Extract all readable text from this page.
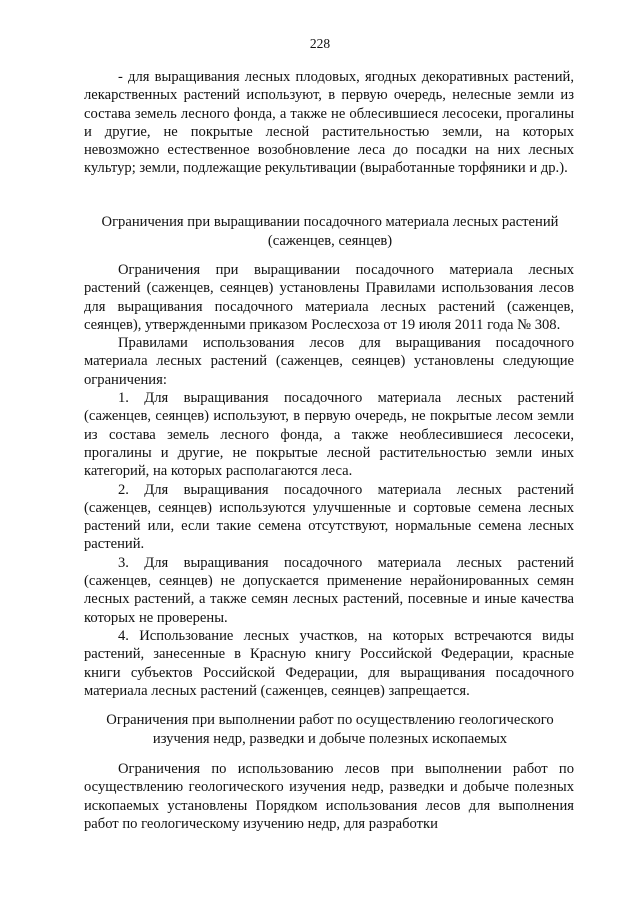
228

- для выращивания лесных плодовых, ягодных декоративных растений, лекарственных растений используют, в первую очередь, нелесные земли из состава земель лесного фонда, а также не облесившиеся лесосеки, прогалины и другие, не покрытые лесной растительностью земли, на которых невозможно естественное возобновление леса до посадки на них лесных культур; земли, подлежащие рекультивации (выработанные торфяники и др.).

Ограничения при выращивании посадочного материала лесных растений
(саженцев, сеянцев)

Ограничения при выращивании посадочного материала лесных растений (саженцев, сеянцев) установлены Правилами использования лесов для выращивания посадочного материала лесных растений (саженцев, сеянцев), утвержденными приказом Рослесхоза от 19 июля 2011 года № 308.

Правилами использования лесов для выращивания посадочного материала лесных растений (саженцев, сеянцев) установлены следующие ограничения:

1. Для выращивания посадочного материала лесных растений (саженцев, сеянцев) используют, в первую очередь, не покрытые лесом земли из состава земель лесного фонда, а также необлесившиеся лесосеки, прогалины и другие, не покрытые лесной растительностью земли иных категорий, на которых располагаются леса.

2. Для выращивания посадочного материала лесных растений (саженцев, сеянцев) используются улучшенные и сортовые семена лесных растений или, если такие семена отсутствуют, нормальные семена лесных растений.

3. Для выращивания посадочного материала лесных растений (саженцев, сеянцев) не допускается применение нерайонированных семян лесных растений, а также семян лесных растений, посевные и иные качества которых не проверены.

4. Использование лесных участков, на которых встречаются виды растений, занесенные в Красную книгу Российской Федерации, красные книги субъектов Российской Федерации, для выращивания посадочного материала лесных растений (саженцев, сеянцев) запрещается.

Ограничения при выполнении работ по осуществлению геологического
изучения недр, разведки и добыче полезных ископаемых

Ограничения по использованию лесов при выполнении работ по осуществлению геологического изучения недр, разведки и добыче полезных ископаемых установлены Порядком использования лесов для выполнения работ по геологическому изучению недр, для разработки
